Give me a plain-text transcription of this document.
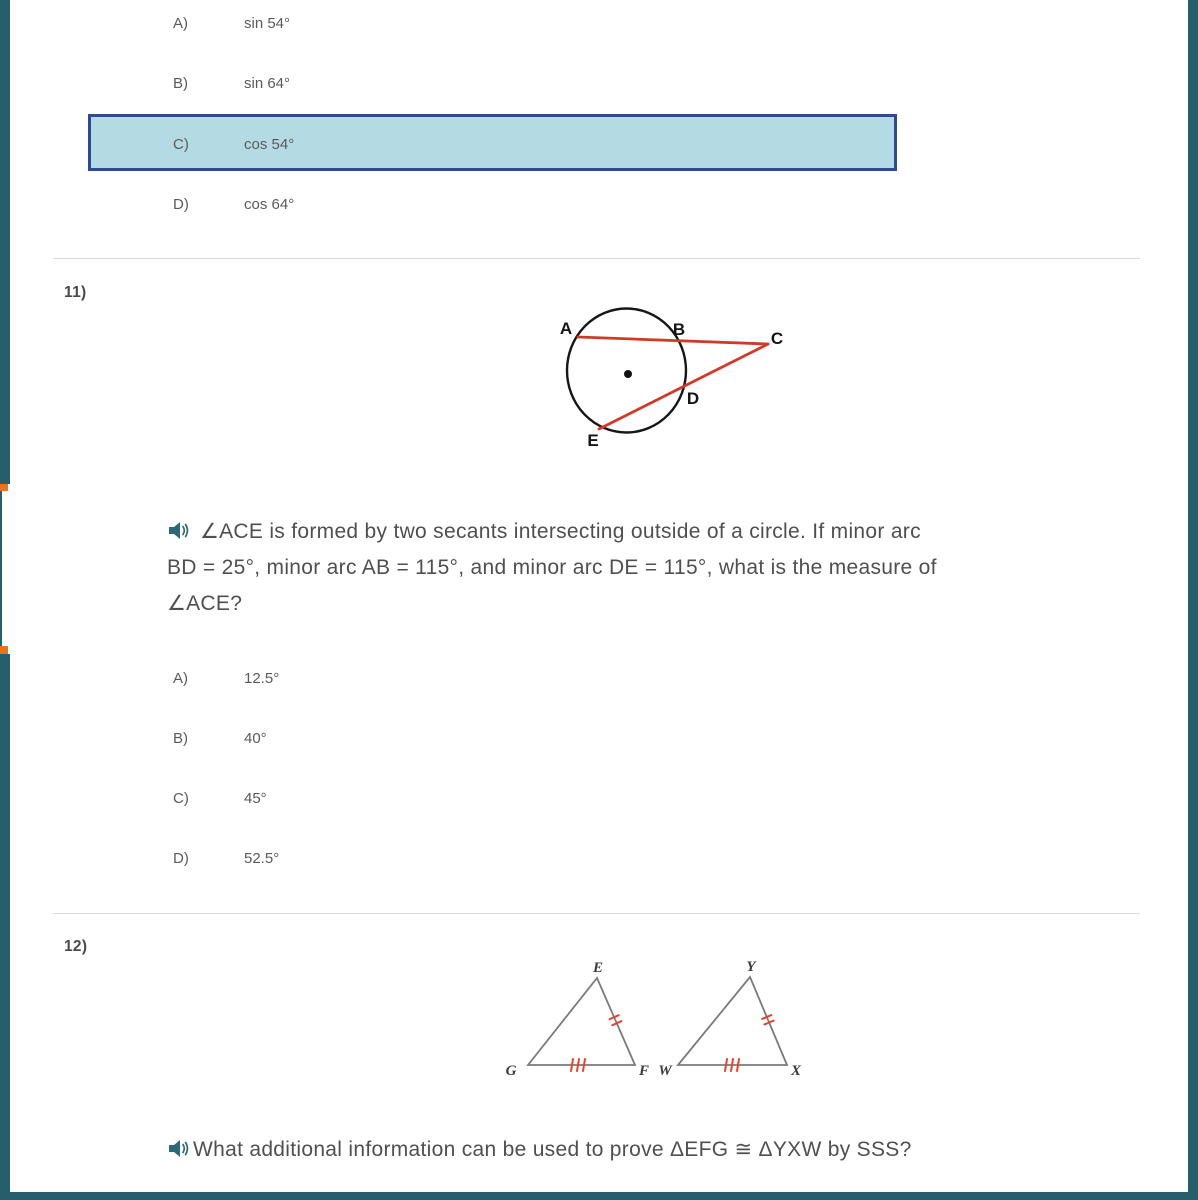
A)	sin 54°
B)	sin 64°
C)	cos 54°
D)	cos 64°
11)
A	B	C
D
E
∠ACE is formed by two secants intersecting outside of a circle. If minor arc
BD = 25°, minor arc AB = 115°, and minor arc DE = 115°, what is the measure of
∠ACE?
A)	12.5°
B)	40°
C)	45°
D)	52.5°
12)
E
G	F
Y
W	X
What additional information can be used to prove ΔEFG ≅ ΔYXW by SSS?
